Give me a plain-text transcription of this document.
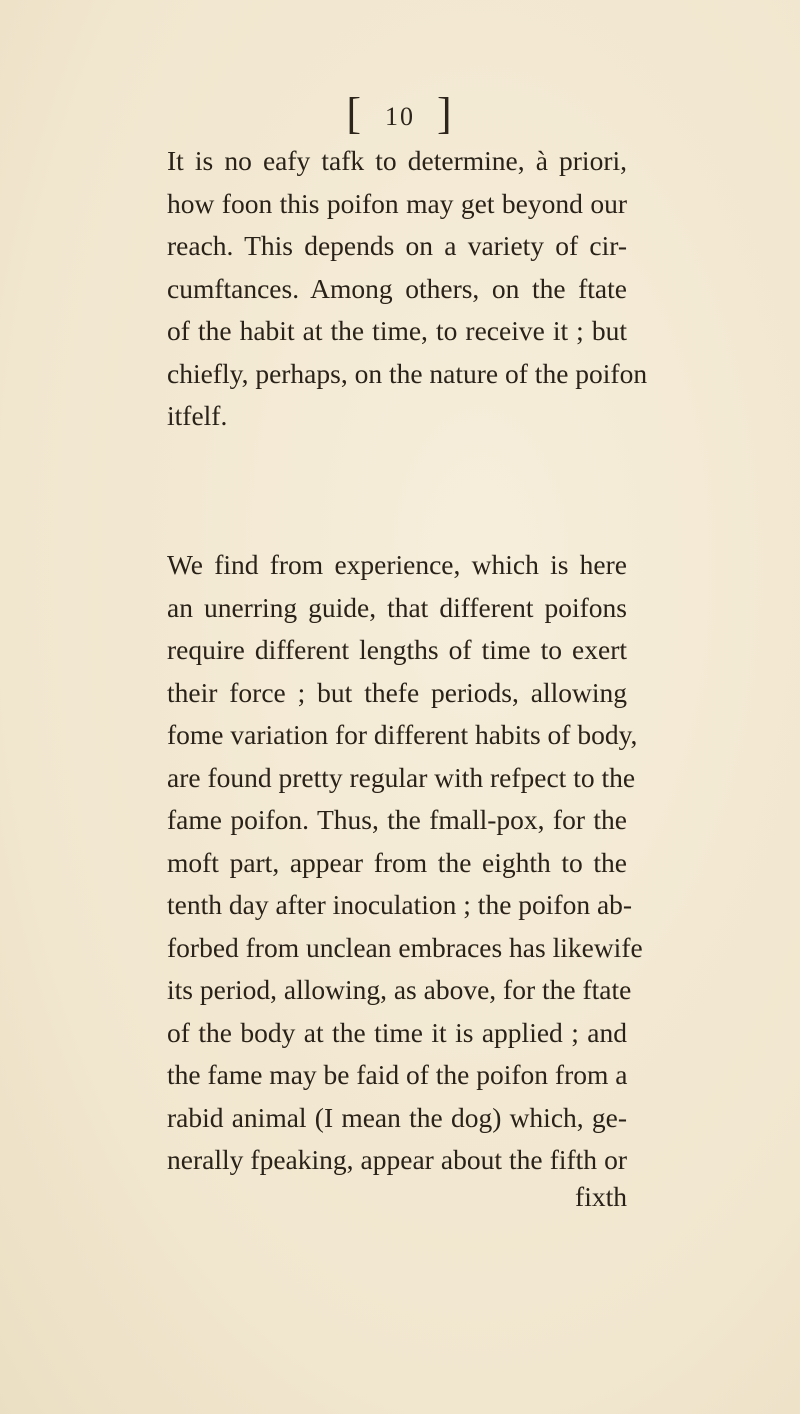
[ 10 ]
It is no eafy tafk to determine, à priori,
how foon this poifon may get beyond our
reach. This depends on a variety of cir-
cumftances. Among others, on the ftate
of the habit at the time, to receive it ; but
chiefly, perhaps, on the nature of the poifon
itfelf.
We find from experience, which is here
an unerring guide, that different poifons
require different lengths of time to exert
their force ; but thefe periods, allowing
fome variation for different habits of body,
are found pretty regular with refpect to the
fame poifon. Thus, the fmall-pox, for the
moft part, appear from the eighth to the
tenth day after inoculation ; the poifon ab-
forbed from unclean embraces has likewife
its period, allowing, as above, for the ftate
of the body at the time it is applied ; and
the fame may be faid of the poifon from a
rabid animal (I mean the dog) which, ge-
nerally fpeaking, appear about the fifth or
fixth
